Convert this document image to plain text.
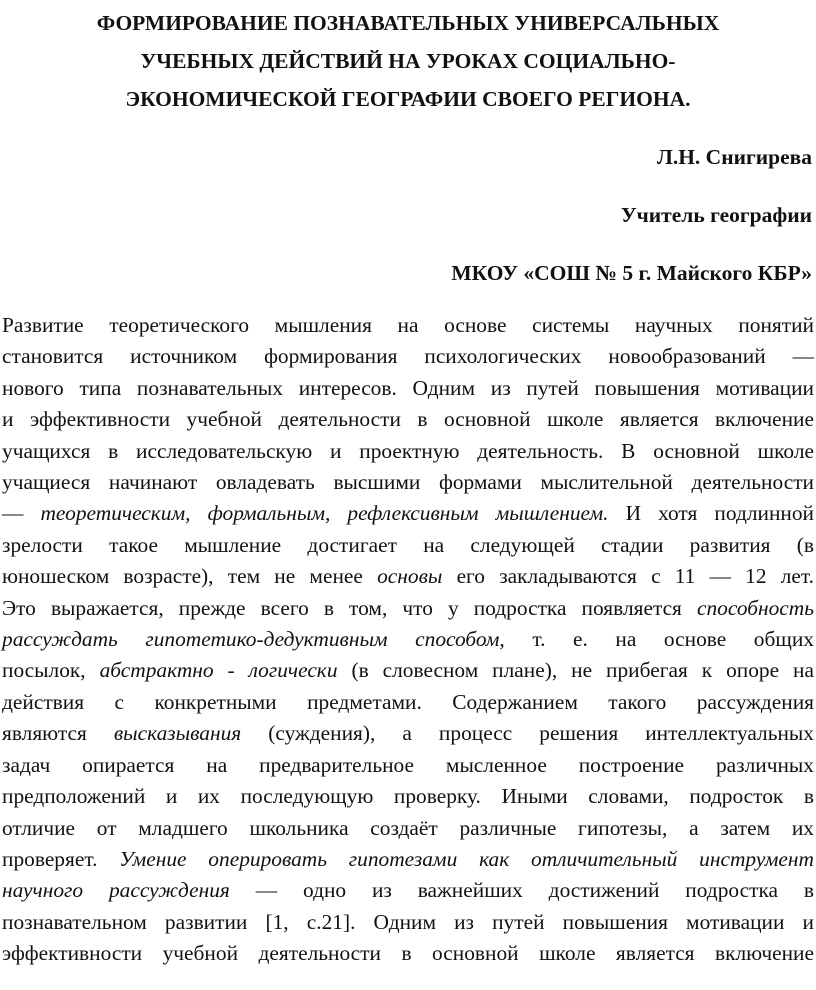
ФОРМИРОВАНИЕ ПОЗНАВАТЕЛЬНЫХ УНИВЕРСАЛЬНЫХ
УЧЕБНЫХ ДЕЙСТВИЙ НА УРОКАХ СОЦИАЛЬНО-
ЭКОНОМИЧЕСКОЙ ГЕОГРАФИИ СВОЕГО РЕГИОНА.

Л.Н. Снигирева

Учитель географии

МКОУ «СОШ № 5 г. Майского КБР»

Развитие теоретического мышления на основе системы научных понятий
становится источником формирования психологических новообразований —
нового типа познавательных интересов. Одним из путей повышения мотивации
и эффективности учебной деятельности в основной школе является включение
учащихся в исследовательскую и проектную деятельность. В основной школе
учащиеся начинают овладевать высшими формами мыслительной деятельности
— теоретическим, формальным, рефлексивным мышлением. И хотя подлинной
зрелости такое мышление достигает на следующей стадии развития (в
юношеском возрасте), тем не менее основы его закладываются с 11 — 12 лет.
Это выражается, прежде всего в том, что у подростка появляется способность
рассуждать гипотетико-дедуктивным способом, т. е. на основе общих
посылок, абстрактно - логически (в словесном плане), не прибегая к опоре на
действия с конкретными предметами. Содержанием такого рассуждения
являются высказывания (суждения), а процесс решения интеллектуальных
задач опирается на предварительное мысленное построение различных
предположений и их последующую проверку. Иными словами, подросток в
отличие от младшего школьника создаёт различные гипотезы, а затем их
проверяет. Умение оперировать гипотезами как отличительный инструмент
научного рассуждения — одно из важнейших достижений подростка в
познавательном развитии [1, с.21]. Одним из путей повышения мотивации и
эффективности учебной деятельности в основной школе является включение
